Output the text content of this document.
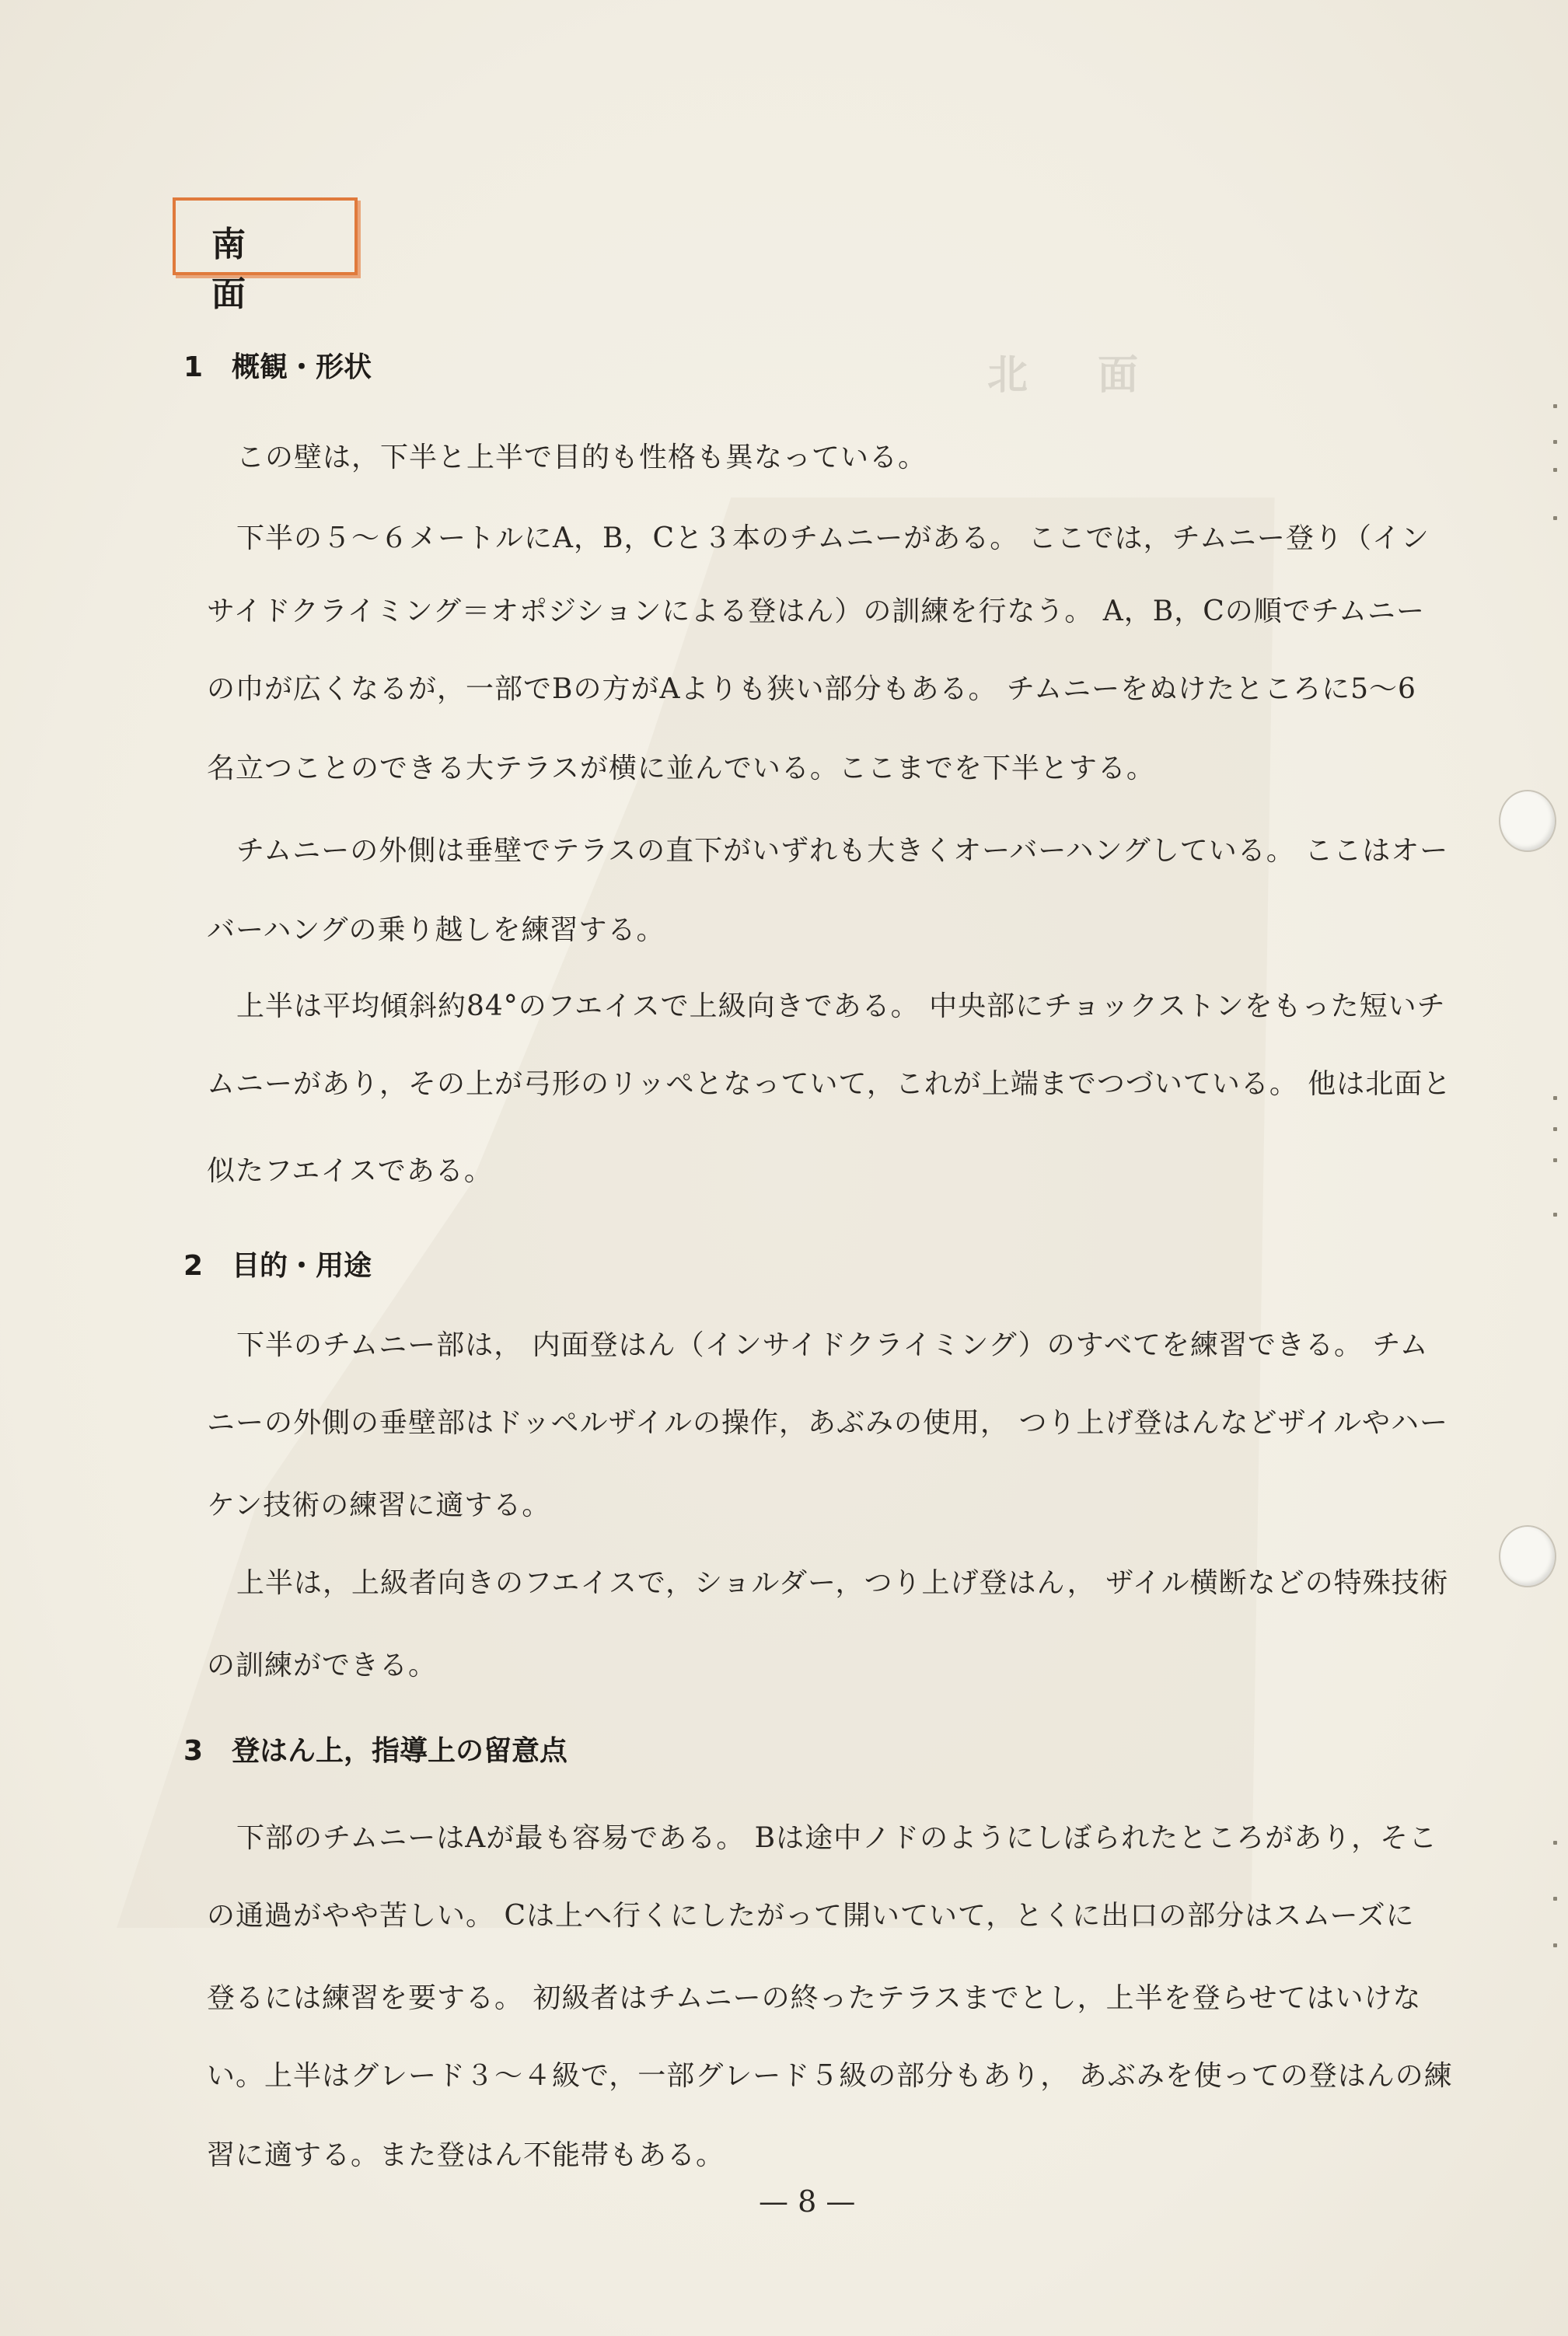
北面
南面
1 概観・形状
この壁は，下半と上半で目的も性格も異なっている。
下半の５～６メートルにA，B，Cと３本のチムニーがある。 ここでは，チムニー登り（イン
サイドクライミング＝オポジションによる登はん）の訓練を行なう。 A，B，Cの順でチムニー
の巾が広くなるが，一部でBの方がAよりも狭い部分もある。 チムニーをぬけたところに5～6
名立つことのできる大テラスが横に並んでいる。ここまでを下半とする。
チムニーの外側は垂壁でテラスの直下がいずれも大きくオーバーハングしている。 ここはオー
バーハングの乗り越しを練習する。
上半は平均傾斜約84°のフエイスで上級向きである。 中央部にチョックストンをもった短いチ
ムニーがあり，その上が弓形のリッぺとなっていて，これが上端までつづいている。 他は北面と
似たフエイスである。
2 目的・用途
下半のチムニー部は， 内面登はん（インサイドクライミング）のすべてを練習できる。 チム
ニーの外側の垂壁部はドッペルザイルの操作，あぶみの使用， つり上げ登はんなどザイルやハー
ケン技術の練習に適する。
上半は，上級者向きのフエイスで，ショルダー，つり上げ登はん， ザイル横断などの特殊技術
の訓練ができる。
3 登はん上，指導上の留意点
下部のチムニーはAが最も容易である。 Bは途中ノドのようにしぼられたところがあり，そこ
の通過がやや苦しい。 Cは上へ行くにしたがって開いていて，とくに出口の部分はスムーズに
登るには練習を要する。 初級者はチムニーの終ったテラスまでとし，上半を登らせてはいけな
い。上半はグレード３～４級で，一部グレード５級の部分もあり， あぶみを使っての登はんの練
習に適する。また登はん不能帯もある。
— 8 —
